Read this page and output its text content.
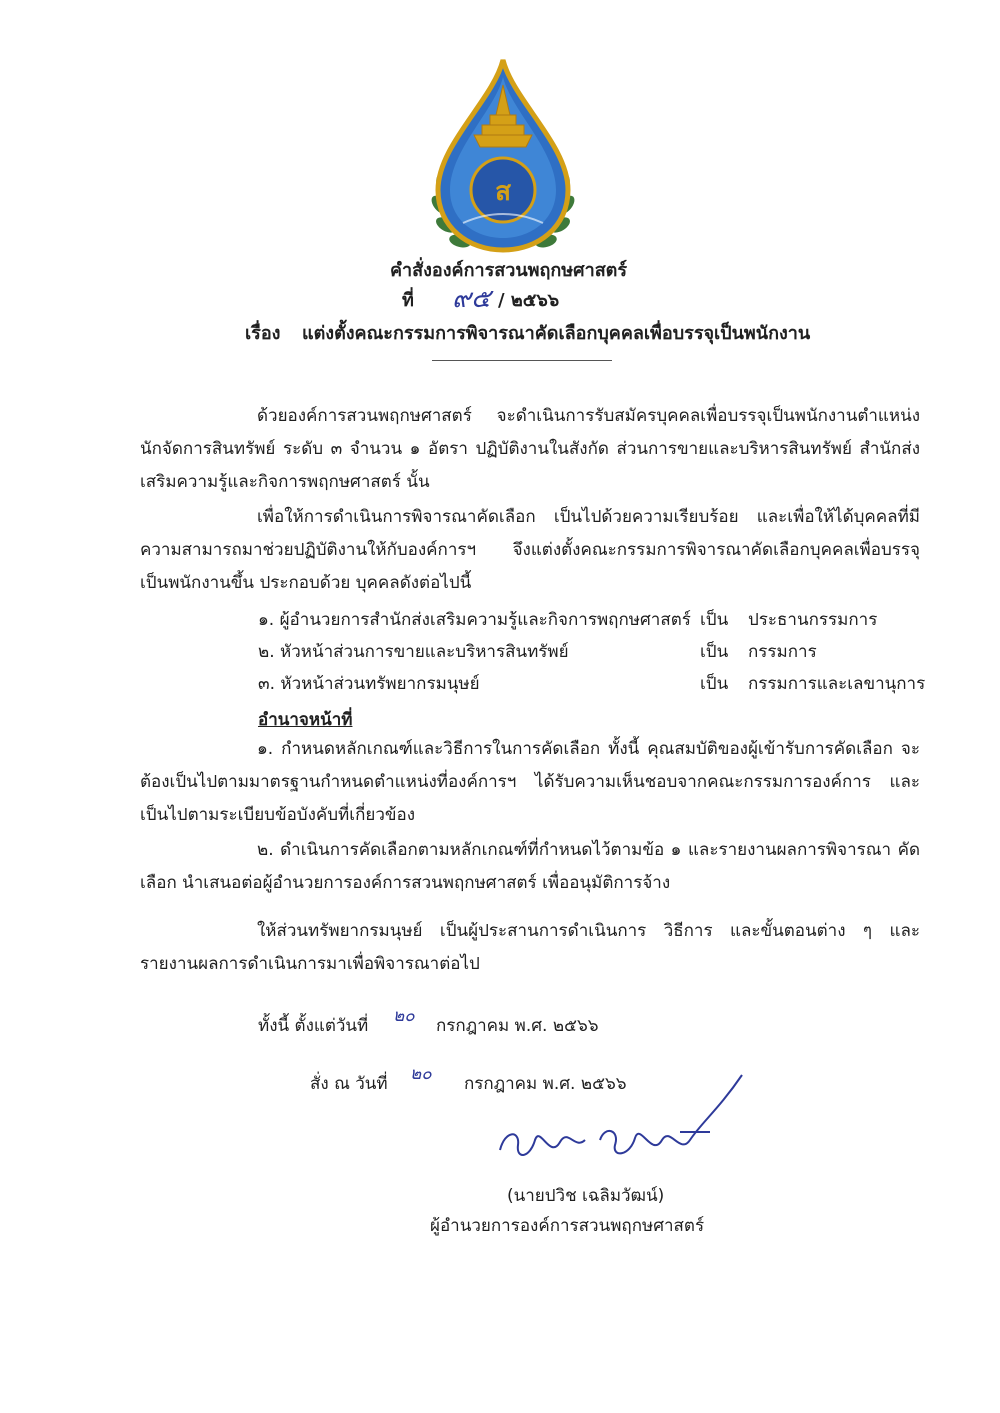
ส
คำสั่งองค์การสวนพฤกษศาสตร์
ที่ ๙๕ / ๒๕๖๖
เรื่อง แต่งตั้งคณะกรรมการพิจารณาคัดเลือกบุคคลเพื่อบรรจุเป็นพนักงาน

ด้วยองค์การสวนพฤกษศาสตร์ จะดำเนินการรับสมัครบุคคลเพื่อบรรจุเป็นพนักงานตำแหน่ง นักจัดการสินทรัพย์ ระดับ ๓ จำนวน ๑ อัตรา ปฏิบัติงานในสังกัด ส่วนการขายและบริหารสินทรัพย์ สำนักส่งเสริมความรู้และกิจการพฤกษศาสตร์ นั้น

เพื่อให้การดำเนินการพิจารณาคัดเลือก เป็นไปด้วยความเรียบร้อย และเพื่อให้ได้บุคคลที่มี ความสามารถมาช่วยปฏิบัติงานให้กับองค์การฯ จึงแต่งตั้งคณะกรรมการพิจารณาคัดเลือกบุคคลเพื่อบรรจุ เป็นพนักงานขึ้น ประกอบด้วย บุคคลดังต่อไปนี้

๑. ผู้อำนวยการสำนักส่งเสริมความรู้และกิจการพฤกษศาสตร์ เป็น ประธานกรรมการ
๒. หัวหน้าส่วนการขายและบริหารสินทรัพย์	เป็น กรรมการ
๓. หัวหน้าส่วนทรัพยากรมนุษย์	เป็น กรรมการและเลขานุการ
อำนาจหน้าที่

๑. กำหนดหลักเกณฑ์และวิธีการในการคัดเลือก ทั้งนี้ คุณสมบัติของผู้เข้ารับการคัดเลือก จะต้องเป็นไปตามมาตรฐานกำหนดตำแหน่งที่องค์การฯ ได้รับความเห็นชอบจากคณะกรรมการองค์การ และ เป็นไปตามระเบียบข้อบังคับที่เกี่ยวข้อง

๒. ดำเนินการคัดเลือกตามหลักเกณฑ์ที่กำหนดไว้ตามข้อ ๑ และรายงานผลการพิจารณา คัดเลือก นำเสนอต่อผู้อำนวยการองค์การสวนพฤกษศาสตร์ เพื่ออนุมัติการจ้าง

ให้ส่วนทรัพยากรมนุษย์ เป็นผู้ประสานการดำเนินการ วิธีการ และขั้นตอนต่าง ๆ และ รายงานผลการดำเนินการมาเพื่อพิจารณาต่อไป

ทั้งนี้ ตั้งแต่วันที่ ๒๐ กรกฎาคม พ.ศ. ๒๕๖๖
สั่ง ณ วันที่ ๒๐ กรกฎาคม พ.ศ. ๒๕๖๖
(นายปวิช เฉลิมวัฒน์)
ผู้อำนวยการองค์การสวนพฤกษศาสตร์
